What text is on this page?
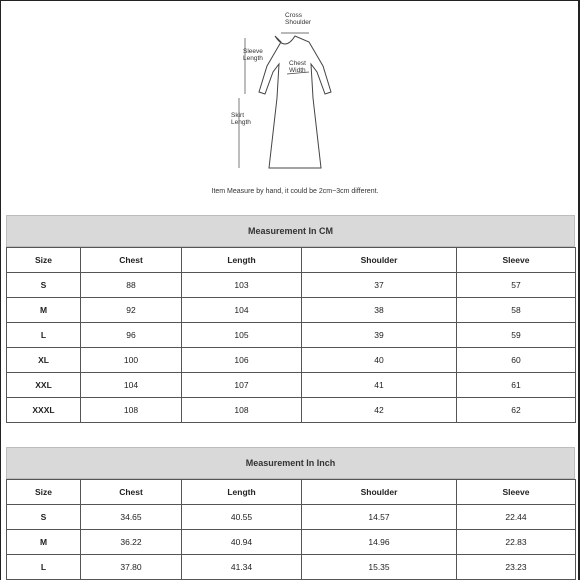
Cross Shoulder
Sleeve Length
Chest Width
Skirt Length
Item Measure by hand, it could be 2cm~3cm different.
Measurement In CM
Size	Chest	Length	Shoulder	Sleeve
S	88	103	37	57
M	92	104	38	58
L	96	105	39	59
XL	100	106	40	60
XXL	104	107	41	61
XXXL	108	108	42	62
Measurement In Inch
Size	Chest	Length	Shoulder	Sleeve
S	34.65	40.55	14.57	22.44
M	36.22	40.94	14.96	22.83
L	37.80	41.34	15.35	23.23
